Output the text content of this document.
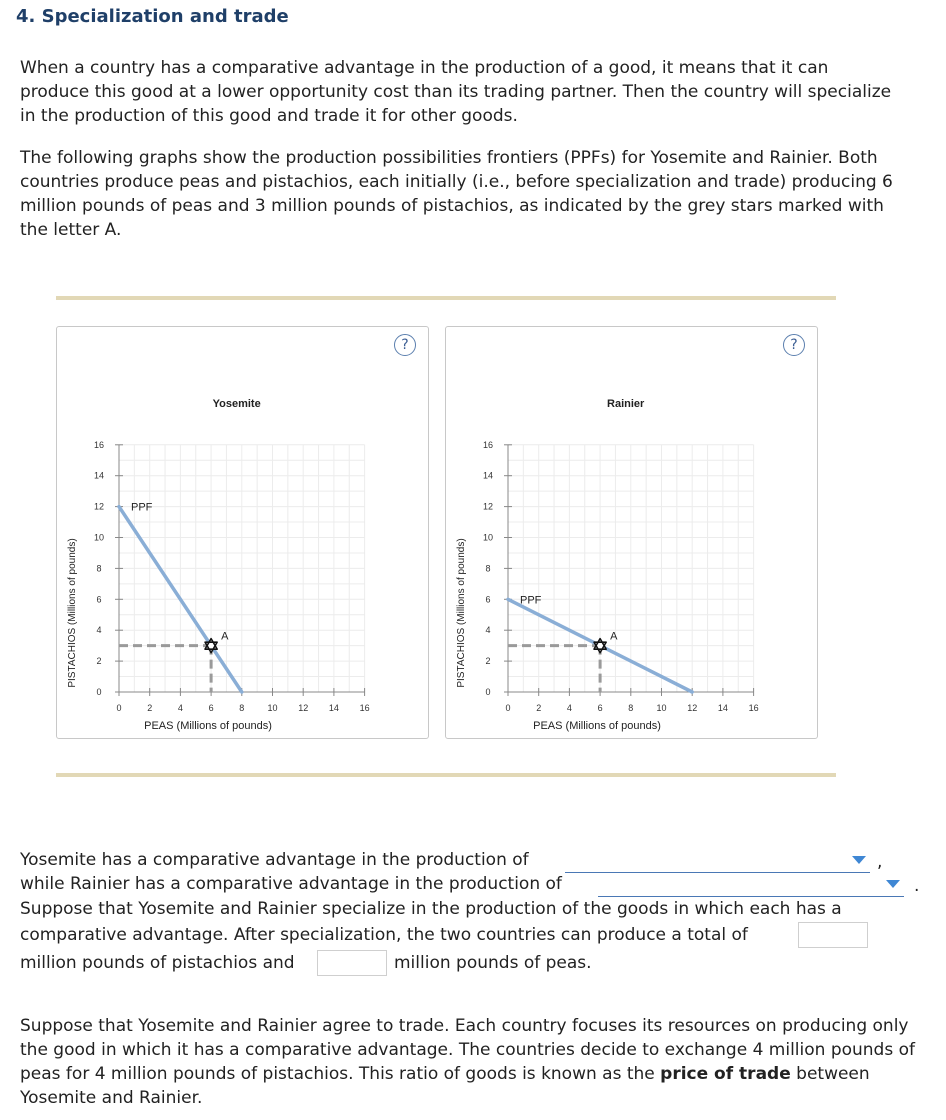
4. Specialization and trade

When a country has a comparative advantage in the production of a good, it means that it can produce this good at a lower opportunity cost than its trading partner. Then the country will specialize in the production of this good and trade it for other goods.

The following graphs show the production possibilities frontiers (PPFs) for Yosemite and Rainier. Both countries produce peas and pistachios, each initially (i.e., before specialization and trade) producing 6 million pounds of peas and 3 million pounds of pistachios, as indicated by the grey stars marked with the letter A.

0	2	4	6	8	10 12 14 16
0
2
4
6
8
10
12
14
16
Yosemite
PEAS (Millions of pounds)
PISTACHIOS (Millions of pounds)
PPF
A
?
0	2	4	6	8	10 12 14 16
0
2
4
6
8
10
12
14
16
Rainier
PEAS (Millions of pounds)
PISTACHIOS (Millions of pounds)	PPF
A
?
Yosemite has a comparative advantage in the production of	,
while Rainier has a comparative advantage in the production of	.
Suppose that Yosemite and Rainier specialize in the production of the goods in which each has a
comparative advantage. After specialization, the two countries can produce a total of
million pounds of pistachios and	million pounds of peas.

Suppose that Yosemite and Rainier agree to trade. Each country focuses its resources on producing only the good in which it has a comparative advantage. The countries decide to exchange 4 million pounds of peas for 4 million pounds of pistachios. This ratio of goods is known as the price of trade between Yosemite and Rainier.
